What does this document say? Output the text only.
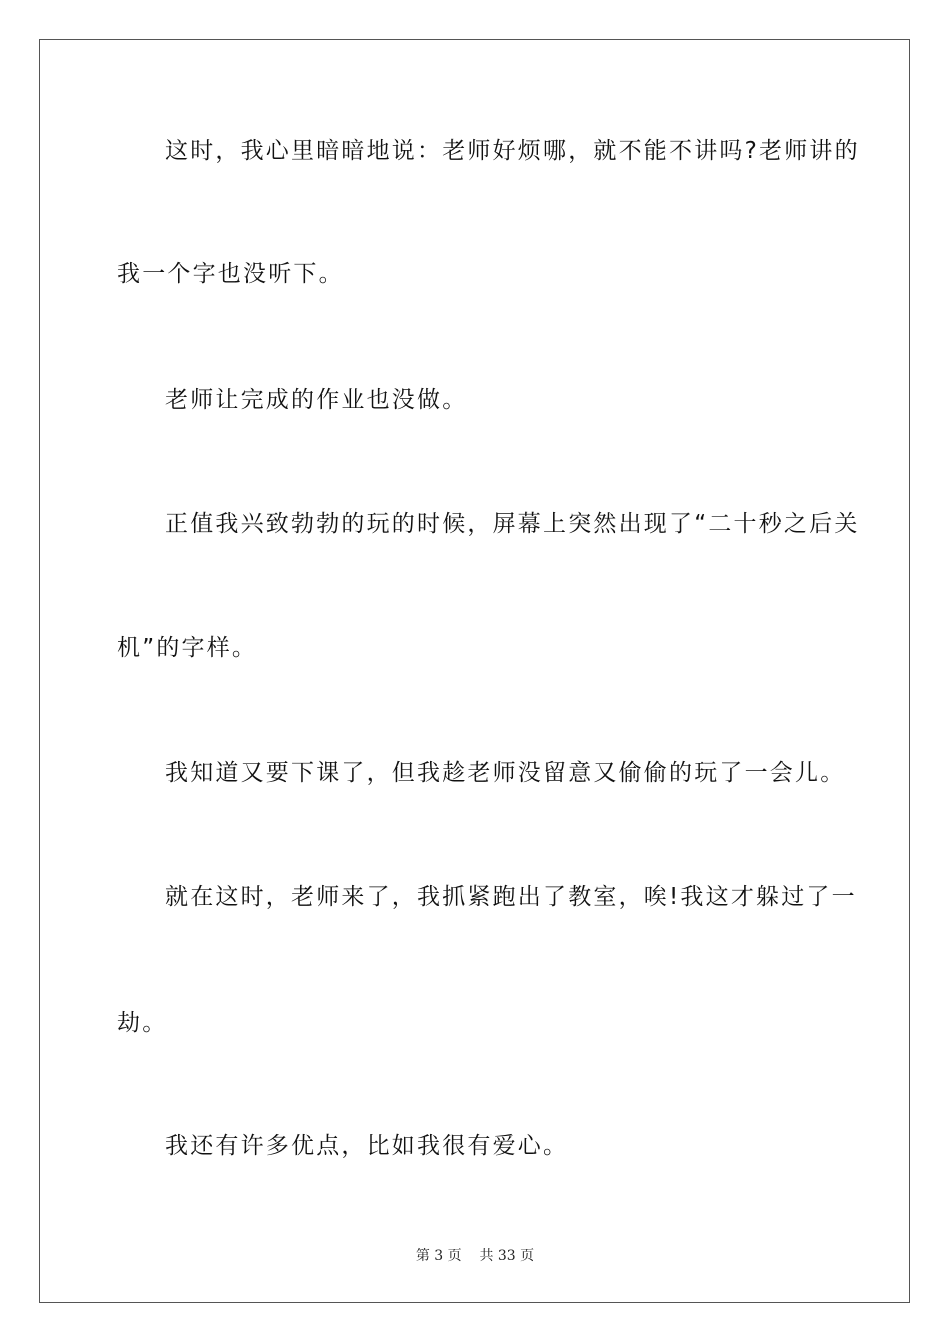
这时，我心里暗暗地说：老师好烦哪，就不能不讲吗?老师讲的
我一个字也没听下。
老师让完成的作业也没做。
正值我兴致勃勃的玩的时候，屏幕上突然出现了“二十秒之后关
机”的字样。
我知道又要下课了，但我趁老师没留意又偷偷的玩了一会儿。
就在这时，老师来了，我抓紧跑出了教室，唉!我这才躲过了一
劫。
我还有许多优点，比如我很有爱心。
第 3 页 共 33 页
